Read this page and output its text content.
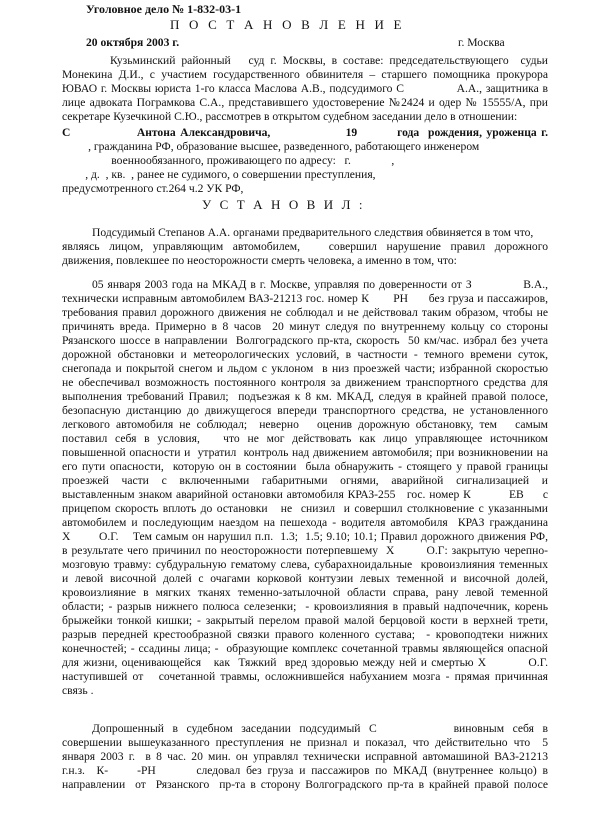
Уголовное дело № 1-832-03-1
П О С Т А Н О В Л Е Н И Е
20 октября 2003 г.	г. Москва
Кузьминский районный   суд г. Москвы, в составе: председательствующего  судьи
Монекина Д.И., с участием государственного обвинителя – старшего помощника прокурора
ЮВАО г. Москвы юриста 1-го класса Маслова А.В., подсудимого С              А.А., защитника в
лице адвоката Пограмкова С.А., представившего удостоверение №2424 и одер № 15555/А, при
секретаре Кузечкиной С.Ю., рассмотрев в открытом судебном заседании дело в отношении:
С               Антона Александровича,                 19         года  рождения, уроженца г.
, гражданина РФ, образование высшее, разведенного, работающего инженером
военнообязанного, проживающего по адресу:   г.              ,
, д.  , кв.  , ранее не судимого, о совершении преступления,
предусмотренного ст.264 ч.2 УК РФ,
У С Т А Н О В И Л :
Подсудимый Степанов А.А. органами предварительного следствия обвиняется в том что,
являясь лицом, управляющим автомобилем,   совершил нарушение правил дорожного
движения, повлекшее по неосторожности смерть человека, а именно в том, что:
05 января 2003 года на МКАД в г. Москве, управляя по доверенности от З             В.А.,
технически исправным автомобилем ВАЗ-21213 гос. номер К       РН      без груза и пассажиров,
требования правил дорожного движения не соблюдал и не действовал таким образом, чтобы не
причинять вреда. Примерно в 8 часов  20 минут следуя по внутреннему кольцу со стороны
Рязанского шоссе в направлении  Волгоградского пр-кта, скорость  50 км/час. избрал без учета
дорожной обстановки и метеорологических условий, в частности - темного времени суток,
снегопада и покрытой снегом и льдом с уклоном  в низ проезжей части; избранной скоростью
не обеспечивал возможность постоянного контроля за движением транспортного средства для
выполнения требований Правил;  подъезжая к 8 км. МКАД, следуя в крайней правой полосе,
безопасную дистанцию до движущегося впереди транспортного средства, не установленного
легкового автомобиля не соблюдал;  неверно   оценив дорожную обстановку, тем   самым
поставил себя в условия,   что не мог действовать как лицо управляющее источником
повышенной опасности и  утратил  контроль над движением автомобиля; при возникновении на
его пути опасности,  которую он в состоянии  была обнаружить - стоящего у правой границы
проезжей  части  с  включенными  габаритными  огнями,  аварийной  сигнализацией  и
выставленным знаком аварийной остановки автомобиля КРАЗ-255   гос. номер К          ЕВ     с
прицепом скорость вплоть до остановки   не  снизил  и совершил столкновение с указанными
автомобилем и последующим наездом на пешехода - водителя автомобиля  КРАЗ гражданина
Х        О.Г.    Тем самым он нарушил п.п.  1.3;  1.5; 9.10; 10.1; Правил дорожного движения РФ,
в результате чего причинил по неосторожности потерпевшему  Х        О.Г: закрытую черепно-
мозговую травму: субдуральную гематому слева, субарахноидальные  кровоизлияния теменных
и левой височной долей с очагами корковой контузии левых теменной и височной долей,
кровоизлияние в мягких тканях теменно-затылочной области справа, рану левой теменной
области; - разрыв нижнего полюса селезенки;  - кровоизлияния в правый надпочечник, корень
брыжейки тонкой кишки; - закрытый перелом правой малой берцовой кости в верхней трети,
разрыв передней крестообразной связки правого коленного сустава;  - кровоподтеки нижних
конечностей; - ссадины лица; -  образующие комплекс сочетанной травмы являющейся опасной
для жизни, оценивающейся   как  Тяжкий  вред здоровью между ней и смертью Х          О.Г.
наступившей от   сочетанной травмы, осложнившейся набуханием мозга - прямая причинная
связь .
Допрошенный  в  судебном  заседании  подсудимый  С                  виновным  себя  в
совершении вышеуказанного преступления не признал и показал, что действительно что  5
января 2003 г.  в 8 час. 20 мин. он управлял технически исправной автомашиной ВАЗ-21213
г.н.з.  К-     -РН       следовал без груза и пассажиров по МКАД (внутреннее кольцо) в
направлении  от  Рязанского  пр-та в сторону Волгоградского пр-та в крайней правой полосе
